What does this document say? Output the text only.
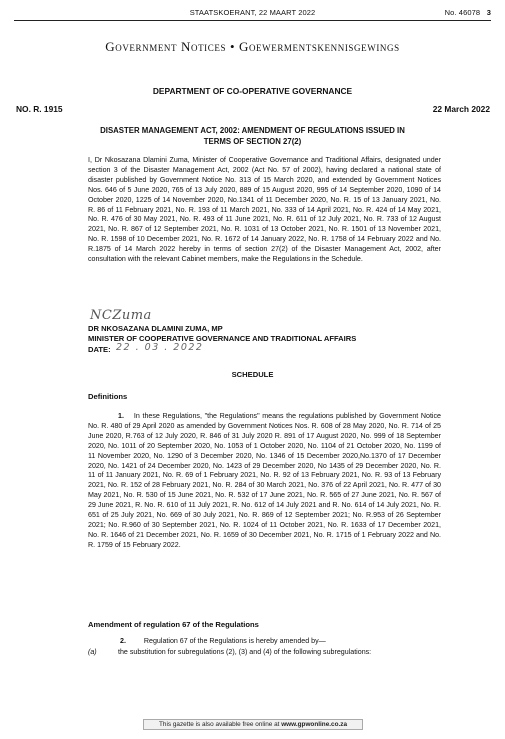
STAATSKOERANT, 22 MAART 2022	No. 46078 3
Government Notices • Goewermentskennisgewings
DEPARTMENT OF CO-OPERATIVE GOVERNANCE
NO. R. 1915	22 March 2022
DISASTER MANAGEMENT ACT, 2002: AMENDMENT OF REGULATIONS ISSUED IN
TERMS OF SECTION 27(2)
I, Dr Nkosazana Dlamini Zuma, Minister of Cooperative Governance and Traditional Affairs, designated under section 3 of the Disaster Management Act, 2002 (Act No. 57 of 2002), having declared a national state of disaster published by Government Notice No. 313 of 15 March 2020, and extended by Government Notices Nos. 646 of 5 June 2020, 765 of 13 July 2020, 889 of 15 August 2020, 995 of 14 September 2020, 1090 of 14 October 2020, 1225 of 14 November 2020, No.1341 of 11 December 2020, No. R. 15 of 13 January 2021, No. R. 86 of 11 February 2021, No. R. 193 of 11 March 2021, No. 333 of 14 April 2021, No. R. 424 of 14 May 2021, No. R. 476 of 30 May 2021, No. R. 493 of 11 June 2021, No. R. 611 of 12 July 2021, No. R. 733 of 12 August 2021, No. R. 867 of 12 September 2021, No. R. 1031 of 13 October 2021, No. R. 1501 of 13 November 2021, No. R. 1598 of 10 December 2021, No. R. 1672 of 14 January 2022, No. R. 1758 of 14 February 2022 and No. R.1875 of 14 March 2022 hereby in terms of section 27(2) of the Disaster Management Act, 2002, after consultation with the relevant Cabinet members, make the Regulations in the Schedule.
NCZuma
DR NKOSAZANA DLAMINI ZUMA, MP
MINISTER OF COOPERATIVE GOVERNANCE AND TRADITIONAL AFFAIRS
DATE: 22 . 03 . 2022
SCHEDULE
Definitions
1. In these Regulations, "the Regulations" means the regulations published by Government Notice No. R. 480 of 29 April 2020 as amended by Government Notices Nos. R. 608 of 28 May 2020, No. R. 714 of 25 June 2020, R.763 of 12 July 2020, R. 846 of 31 July 2020 R. 891 of 17 August 2020, No. 999 of 18 September 2020, No. 1011 of 20 September 2020, No. 1053 of 1 October 2020, No. 1104 of 21 October 2020, No. 1199 of 11 November 2020, No. 1290 of 3 December 2020, No. 1346 of 15 December 2020,No.1370 of 17 December 2020, No. 1421 of 24 December 2020, No. 1423 of 29 December 2020, No 1435 of 29 December 2020, No. R. 11 of 11 January 2021, No. R. 69 of 1 February 2021, No. R. 92 of 13 February 2021, No. R. 93 of 13 February 2021, No. R. 152 of 28 February 2021, No. R. 284 of 30 March 2021, No. 376 of 22 April 2021, No. R. 477 of 30 May 2021, No. R. 530 of 15 June 2021, No. R. 532 of 17 June 2021, No. R. 565 of 27 June 2021, No. R. 567 of 29 June 2021, R. No. R. 610 of 11 July 2021, R. No. 612 of 14 July 2021 and R. No. 614 of 14 July 2021, No. R. 651 of 25 July 2021, No. 669 of 30 July 2021, No. R. 869 of 12 September 2021; No. R.953 of 26 September 2021; No. R.960 of 30 September 2021, No. R. 1024 of 11 October 2021, No. R. 1633 of 17 December 2021, No. R. 1646 of 21 December 2021, No. R. 1659 of 30 December 2021, No. R. 1715 of 1 February 2022 and No. R. 1759 of 15 February 2022.
Amendment of regulation 67 of the Regulations
2.	Regulation 67 of the Regulations is hereby amended by—
(a)	the substitution for subregulations (2), (3) and (4) of the following subregulations:
This gazette is also available free online at www.gpwonline.co.za
